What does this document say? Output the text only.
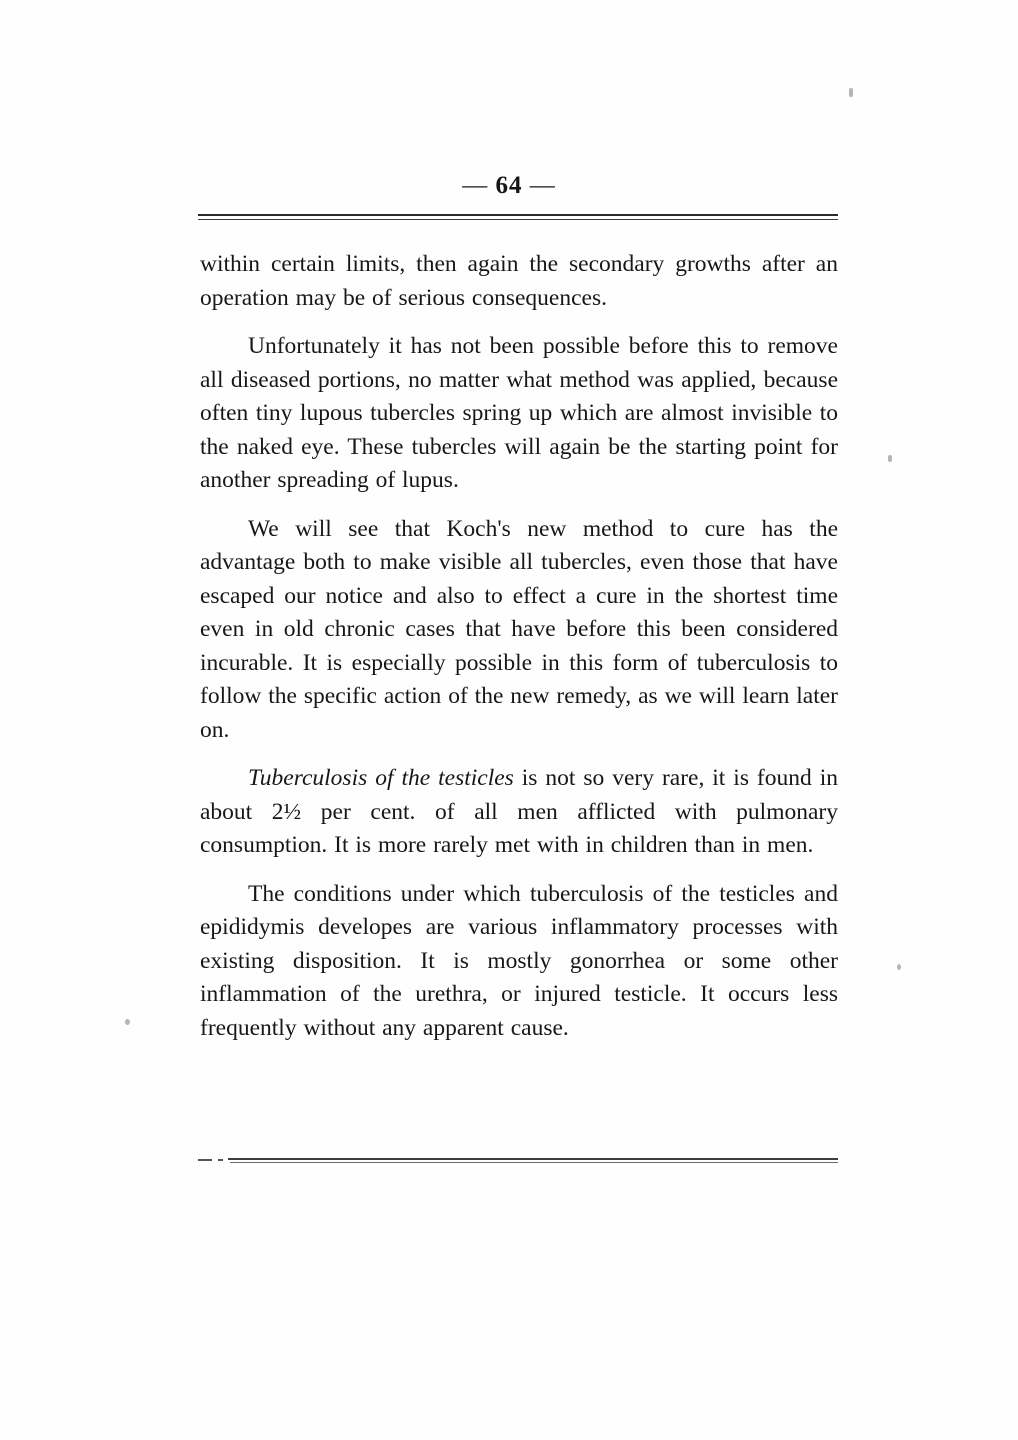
— 64 —

within certain limits, then again the secondary growths after an operation may be of serious consequences.

Unfortunately it has not been possible before this to remove all diseased portions, no matter what method was applied, because often tiny lupous tubercles spring up which are almost invisible to the naked eye. These tubercles will again be the starting point for another spreading of lupus.

We will see that Koch's new method to cure has the advantage both to make visible all tubercles, even those that have escaped our notice and also to effect a cure in the shortest time even in old chronic cases that have before this been considered incurable. It is especially possible in this form of tuberculosis to follow the specific action of the new remedy, as we will learn later on.

Tuberculosis of the testicles is not so very rare, it is found in about 2½ per cent. of all men afflicted with pulmonary consumption. It is more rarely met with in children than in men.

The conditions under which tuberculosis of the testicles and epididymis developes are various inflammatory processes with existing disposition. It is mostly gonorrhea or some other inflammation of the urethra, or injured testicle. It occurs less frequently without any apparent cause.
